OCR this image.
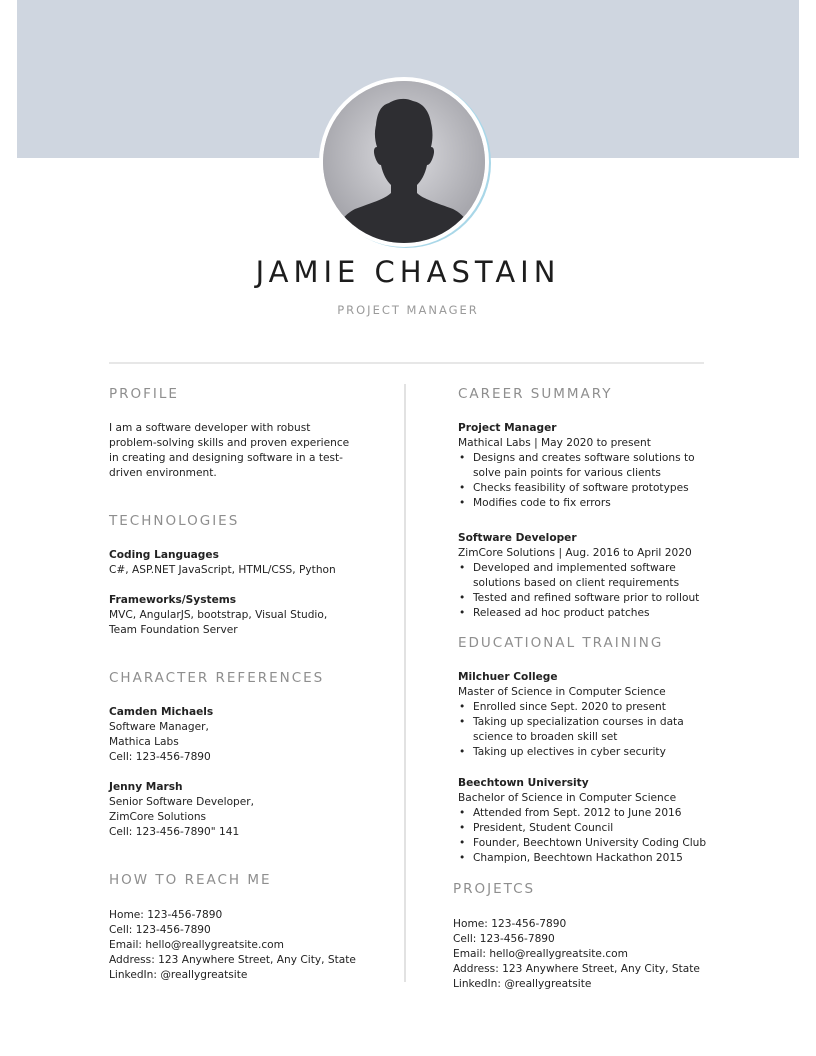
JAMIE CHASTAIN
PROJECT MANAGER
PROFILE
I am a software developer with robust
problem-solving skills and proven experience
in creating and designing software in a test-
driven environment.
TECHNOLOGIES
Coding Languages
C#, ASP.NET JavaScript, HTML/CSS, Python
Frameworks/Systems
MVC, AngularJS, bootstrap, Visual Studio,
Team Foundation Server
CHARACTER REFERENCES
Camden Michaels
Software Manager,
Mathica Labs
Cell: 123-456-7890
Jenny Marsh
Senior Software Developer,
ZimCore Solutions
Cell: 123-456-7890" 141
HOW TO REACH ME
Home: 123-456-7890
Cell: 123-456-7890
Email: hello@reallygreatsite.com
Address: 123 Anywhere Street, Any City, State
LinkedIn: @reallygreatsite
CAREER SUMMARY
Project Manager
Mathical Labs | May 2020 to present
• Designs and creates software solutions to solve pain points for various clients
• Checks feasibility of software prototypes
• Modifies code to fix errors
Software Developer
ZimCore Solutions | Aug. 2016 to April 2020
• Developed and implemented software solutions based on client requirements
• Tested and refined software prior to rollout
• Released ad hoc product patches
EDUCATIONAL TRAINING
Milchuer College
Master of Science in Computer Science
• Enrolled since Sept. 2020 to present
• Taking up specialization courses in data science to broaden skill set
• Taking up electives in cyber security
Beechtown University
Bachelor of Science in Computer Science
• Attended from Sept. 2012 to June 2016
• President, Student Council
• Founder, Beechtown University Coding Club
• Champion, Beechtown Hackathon 2015
PROJETCS
Home: 123-456-7890
Cell: 123-456-7890
Email: hello@reallygreatsite.com
Address: 123 Anywhere Street, Any City, State
LinkedIn: @reallygreatsite
